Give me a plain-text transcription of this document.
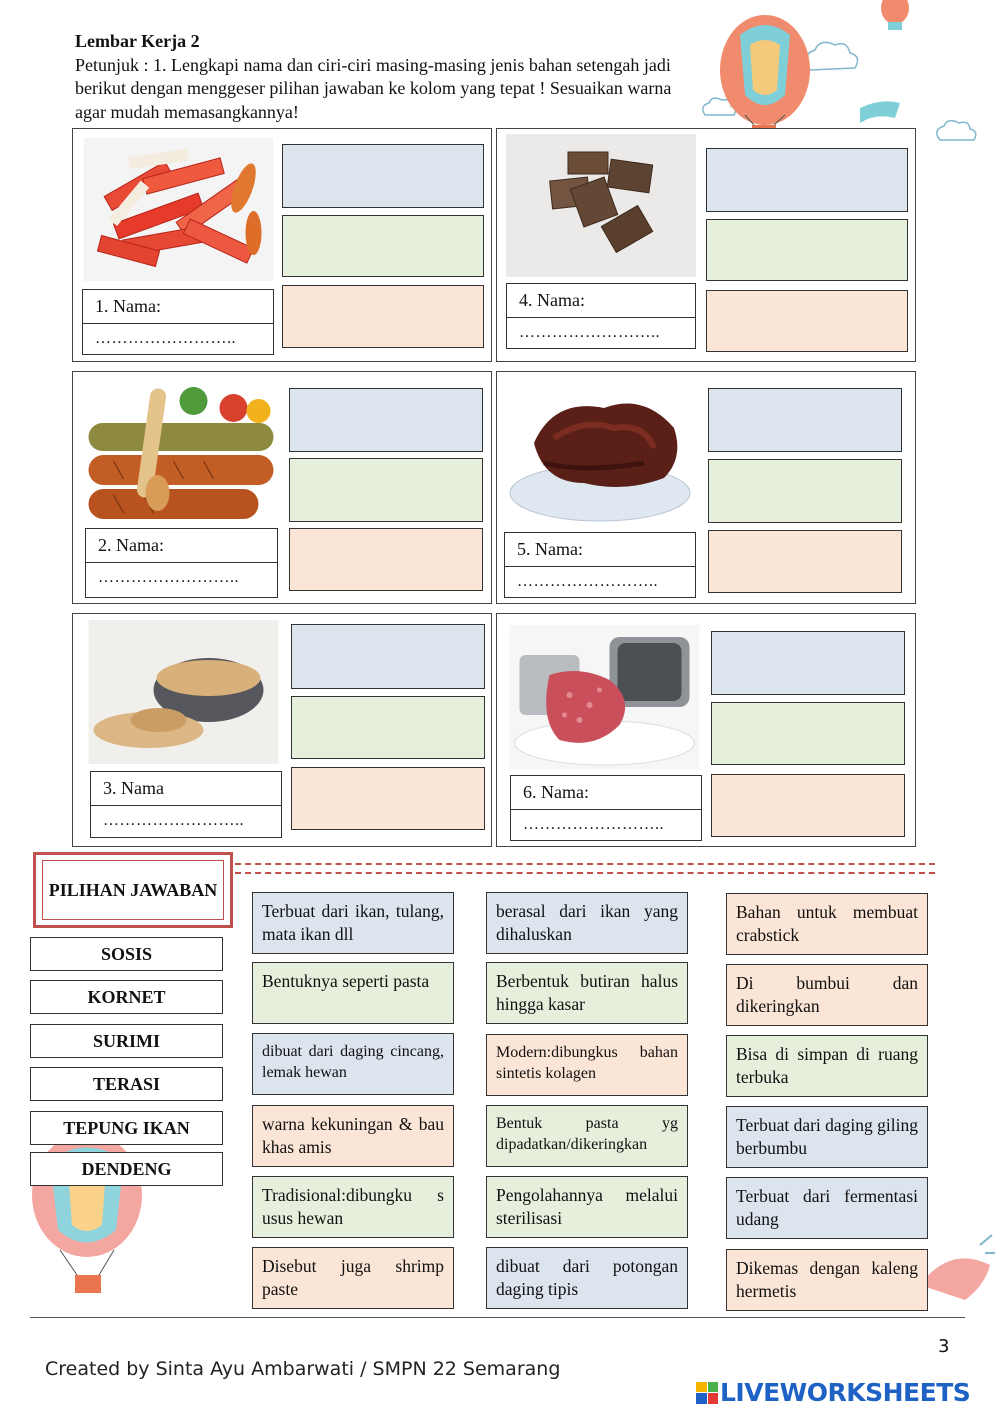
Lembar Kerja 2
Petunjuk : 1. Lengkapi nama dan ciri-ciri masing-masing jenis bahan setengah jadi berikut dengan menggeser pilihan jawaban ke kolom yang tepat ! Sesuaikan warna agar mudah memasangkannya!
1. Nama:
……………………..
4. Nama:
……………………..
2. Nama:
……………………..
5. Nama:
……………………..
3. Nama
……………………..
6. Nama:
……………………..
PILIHAN JAWABAN
SOSIS
KORNET
SURIMI
TERASI
TEPUNG IKAN
DENDENG
Terbuat dari ikan, tulang, mata ikan dll
Bentuknya seperti pasta
dibuat dari daging cincang, lemak hewan
warna kekuningan & bau khas amis
Tradisional:dibungku s usus hewan
Disebut juga shrimp paste
berasal dari ikan yang dihaluskan
Berbentuk butiran halus hingga kasar
Modern:dibungkus bahan sintetis kolagen
Bentuk pasta yg dipadatkan/dikeringkan
Pengolahannya melalui sterilisasi
dibuat dari potongan daging tipis
Bahan untuk membuat crabstick
Di bumbui dan dikeringkan
Bisa di simpan di ruang terbuka
Terbuat dari daging giling berbumbu
Terbuat dari fermentasi udang
Dikemas dengan kaleng hermetis
3
Created by Sinta Ayu Ambarwati / SMPN 22 Semarang
LIVEWORKSHEETS
